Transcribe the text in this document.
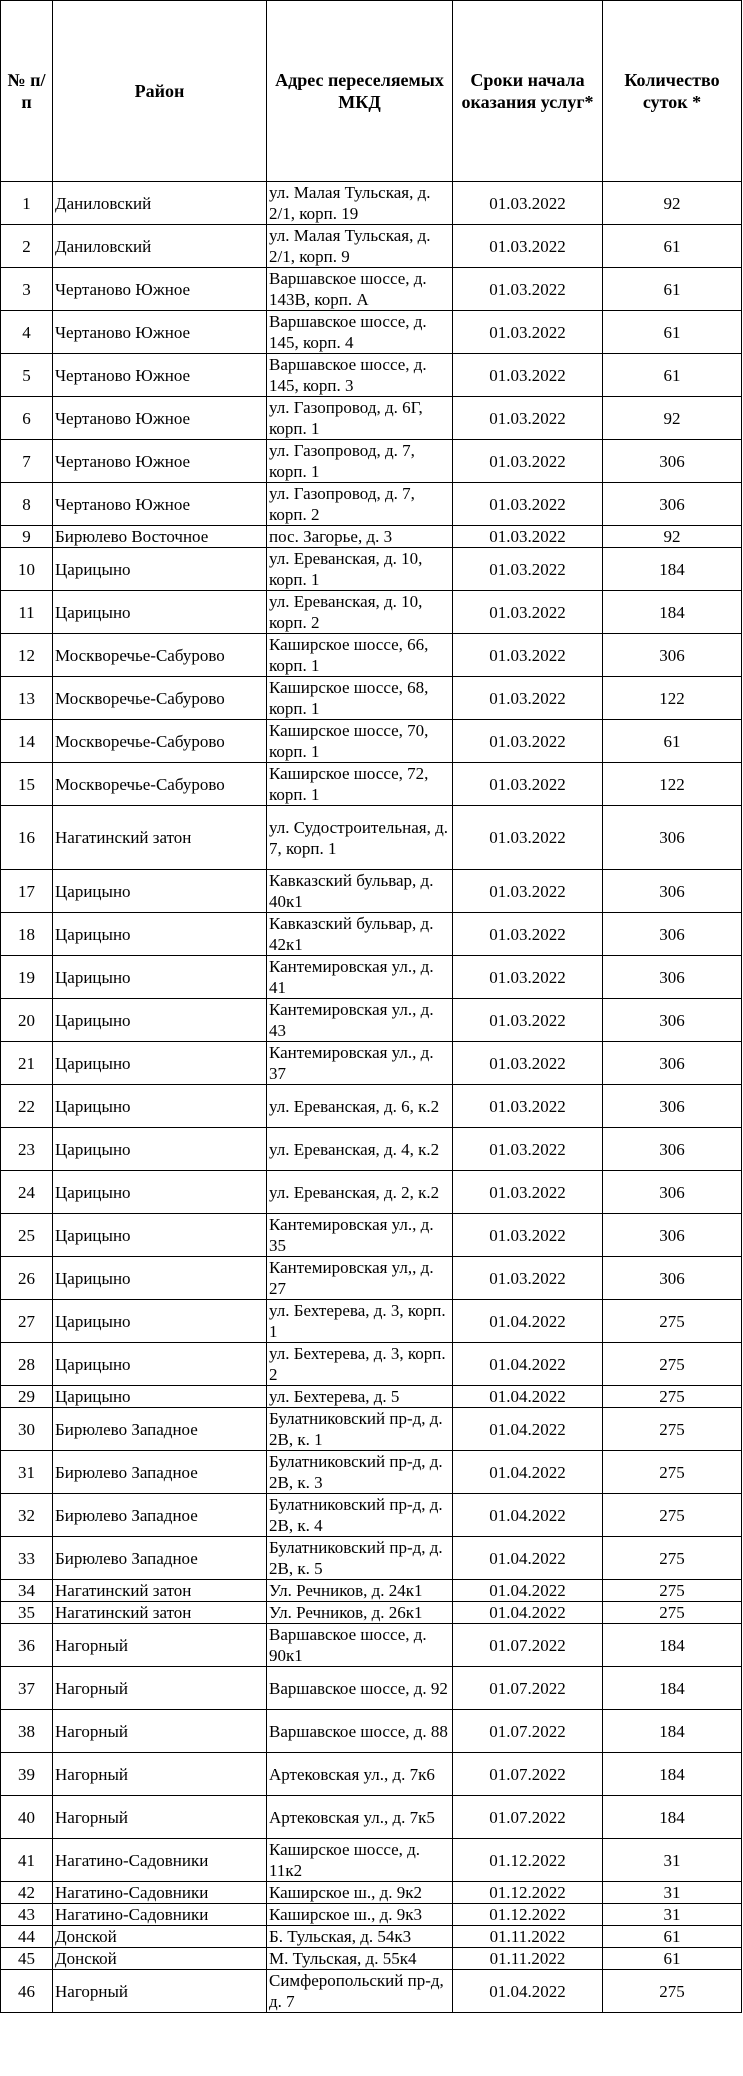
№ п/п	Район	Адрес переселяемых МКД	Сроки начала оказания услуг*	Количество суток *
1	Даниловский	ул. Малая Тульская, д. 2/1, корп. 19	01.03.2022	92
2	Даниловский	ул. Малая Тульская, д. 2/1, корп. 9	01.03.2022	61
3	Чертаново Южное	Варшавское шоссе, д. 143В, корп. А	01.03.2022	61
4	Чертаново Южное	Варшавское шоссе, д. 145, корп. 4	01.03.2022	61
5	Чертаново Южное	Варшавское шоссе, д. 145, корп. 3	01.03.2022	61
6	Чертаново Южное	ул. Газопровод, д. 6Г, корп. 1	01.03.2022	92
7	Чертаново Южное	ул. Газопровод, д. 7, корп. 1	01.03.2022	306
8	Чертаново Южное	ул. Газопровод, д. 7, корп. 2	01.03.2022	306
9	Бирюлево Восточное	пос. Загорье, д. 3	01.03.2022	92
10	Царицыно	ул. Ереванская, д. 10, корп. 1	01.03.2022	184
11	Царицыно	ул. Ереванская, д. 10, корп. 2	01.03.2022	184
12	Москворечье-Сабурово	Каширское шоссе, 66, корп. 1	01.03.2022	306
13	Москворечье-Сабурово	Каширское шоссе, 68, корп. 1	01.03.2022	122
14	Москворечье-Сабурово	Каширское шоссе, 70, корп. 1	01.03.2022	61
15	Москворечье-Сабурово	Каширское шоссе, 72, корп. 1	01.03.2022	122
16	Нагатинский затон	ул. Судостроительная, д. 7, корп. 1	01.03.2022	306
17	Царицыно	Кавказский бульвар, д. 40к1	01.03.2022	306
18	Царицыно	Кавказский бульвар, д. 42к1	01.03.2022	306
19	Царицыно	Кантемировская ул., д. 41	01.03.2022	306
20	Царицыно	Кантемировская ул., д. 43	01.03.2022	306
21	Царицыно	Кантемировская ул., д. 37	01.03.2022	306
22	Царицыно	ул. Ереванская, д. 6, к.2	01.03.2022	306
23	Царицыно	ул. Ереванская, д. 4, к.2	01.03.2022	306
24	Царицыно	ул. Ереванская, д. 2, к.2	01.03.2022	306
25	Царицыно	Кантемировская ул., д. 35	01.03.2022	306
26	Царицыно	Кантемировская ул,, д. 27	01.03.2022	306
27	Царицыно	ул. Бехтерева, д. 3, корп. 1	01.04.2022	275
28	Царицыно	ул. Бехтерева, д. 3, корп. 2	01.04.2022	275
29	Царицыно	ул. Бехтерева, д. 5	01.04.2022	275
30	Бирюлево Западное	Булатниковский пр-д, д. 2В, к. 1	01.04.2022	275
31	Бирюлево Западное	Булатниковский пр-д, д. 2В, к. 3	01.04.2022	275
32	Бирюлево Западное	Булатниковский пр-д, д. 2В, к. 4	01.04.2022	275
33	Бирюлево Западное	Булатниковский пр-д, д. 2В, к. 5	01.04.2022	275
34	Нагатинский затон	Ул. Речников, д. 24к1	01.04.2022	275
35	Нагатинский затон	Ул. Речников, д. 26к1	01.04.2022	275
36	Нагорный	Варшавское шоссе, д. 90к1	01.07.2022	184
37	Нагорный	Варшавское шоссе, д. 92	01.07.2022	184
38	Нагорный	Варшавское шоссе, д. 88	01.07.2022	184
39	Нагорный	Артековская ул., д. 7к6	01.07.2022	184
40	Нагорный	Артековская ул., д. 7к5	01.07.2022	184
41	Нагатино-Садовники	Каширское шоссе, д. 11к2	01.12.2022	31
42	Нагатино-Садовники	Каширское ш., д. 9к2	01.12.2022	31
43	Нагатино-Садовники	Каширское ш., д. 9к3	01.12.2022	31
44	Донской	Б. Тульская, д. 54к3	01.11.2022	61
45	Донской	М. Тульская, д. 55к4	01.11.2022	61
46	Нагорный	Симферопольский пр-д, д. 7	01.04.2022	275
